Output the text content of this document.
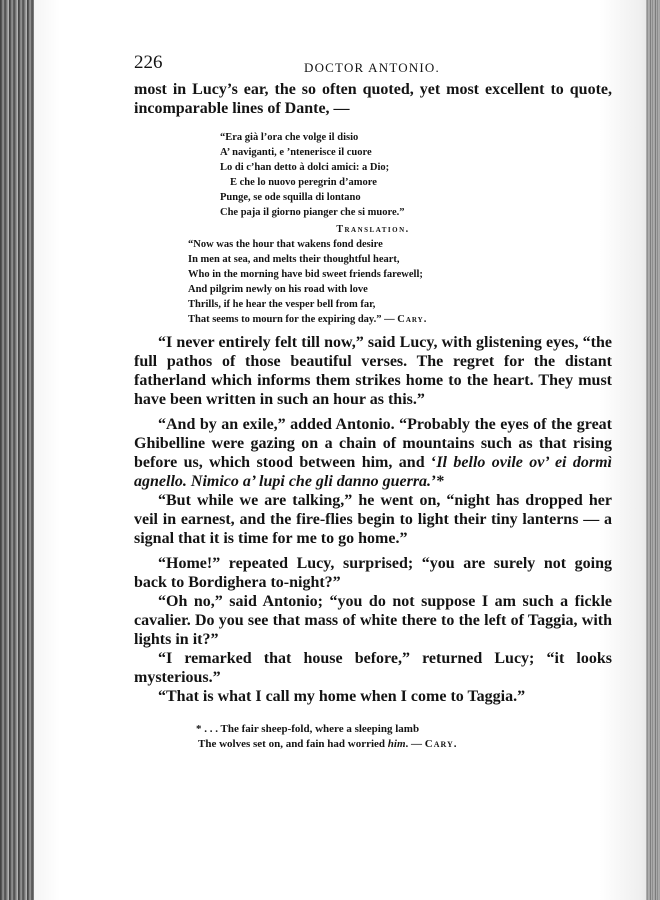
226	DOCTOR ANTONIO.

most in Lucy’s ear, the so often quoted, yet most excellent to quote, incomparable lines of Dante, —

“Era già l’ora che volge il disio
A’ naviganti, e ’ntenerisce il cuore
Lo di c’han detto à dolci amici: a Dio;
E che lo nuovo peregrin d’amore
Punge, se ode squilla di lontano
Che paja il giorno pianger che si muore.”
Translation.
“Now was the hour that wakens fond desire
In men at sea, and melts their thoughtful heart,
Who in the morning have bid sweet friends farewell;
And pilgrim newly on his road with love
Thrills, if he hear the vesper bell from far,
That seems to mourn for the expiring day.” — Cary.

“I never entirely felt till now,” said Lucy, with glistening eyes, “the full pathos of those beautiful verses. The regret for the distant fatherland which informs them strikes home to the heart. They must have been written in such an hour as this.”

“And by an exile,” added Antonio. “Probably the eyes of the great Ghibelline were gazing on a chain of mountains such as that rising before us, which stood between him, and ‘Il bello ovile ov’ ei dormì agnello. Nimico a’ lupi che gli danno guerra.’*

“But while we are talking,” he went on, “night has dropped her veil in earnest, and the fire-flies begin to light their tiny lanterns — a signal that it is time for me to go home.”

“Home!” repeated Lucy, surprised; “you are surely not going back to Bordighera to-night?”

“Oh no,” said Antonio; “you do not suppose I am such a fickle cavalier. Do you see that mass of white there to the left of Taggia, with lights in it?”

“I remarked that house before,” returned Lucy; “it looks mysterious.”

“That is what I call my home when I come to Taggia.”

* . . . The fair sheep-fold, where a sleeping lamb
The wolves set on, and fain had worried him. — Cary.
